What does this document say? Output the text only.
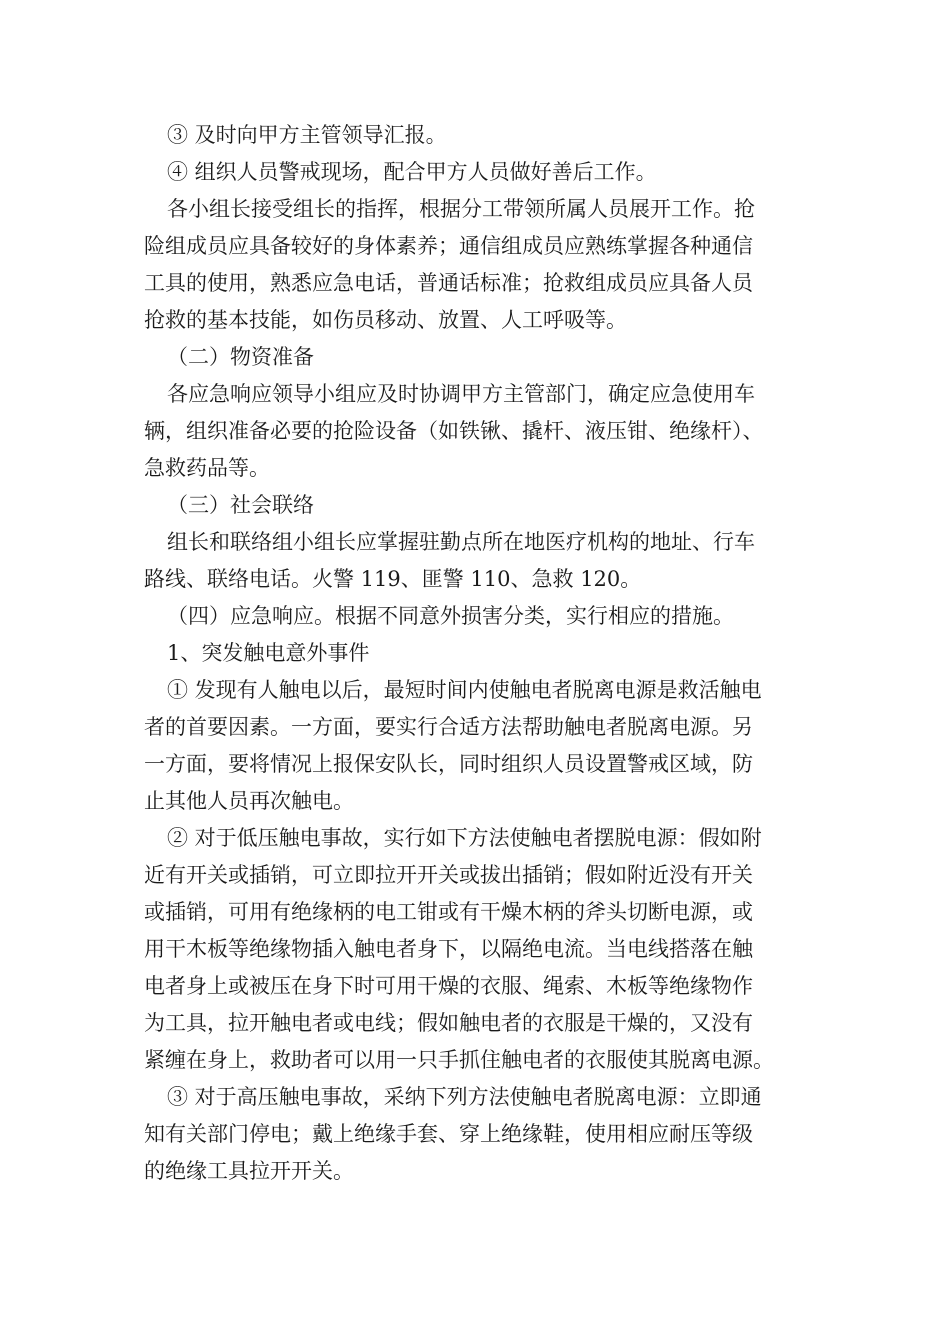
③ 及时向甲方主管领导汇报。

④ 组织人员警戒现场，配合甲方人员做好善后工作。

各小组长接受组长的指挥，根据分工带领所属人员展开工作。抢
险组成员应具备较好的身体素养；通信组成员应熟练掌握各种通信
工具的使用，熟悉应急电话，普通话标准；抢救组成员应具备人员
抢救的基本技能，如伤员移动、放置、人工呼吸等。

（二）物资准备

各应急响应领导小组应及时协调甲方主管部门，确定应急使用车
辆，组织准备必要的抢险设备（如铁锹、撬杆、液压钳、绝缘杆）、
急救药品等。

（三）社会联络

组长和联络组小组长应掌握驻勤点所在地医疗机构的地址、行车
路线、联络电话。火警 119、匪警 110、急救 120。

（四）应急响应。根据不同意外损害分类，实行相应的措施。

1、突发触电意外事件

① 发现有人触电以后，最短时间内使触电者脱离电源是救活触电
者的首要因素。一方面，要实行合适方法帮助触电者脱离电源。另
一方面，要将情况上报保安队长，同时组织人员设置警戒区域，防
止其他人员再次触电。

② 对于低压触电事故，实行如下方法使触电者摆脱电源：假如附
近有开关或插销，可立即拉开开关或拔出插销；假如附近没有开关
或插销，可用有绝缘柄的电工钳或有干燥木柄的斧头切断电源，或
用干木板等绝缘物插入触电者身下，以隔绝电流。当电线搭落在触
电者身上或被压在身下时可用干燥的衣服、绳索、木板等绝缘物作
为工具，拉开触电者或电线；假如触电者的衣服是干燥的，又没有
紧缠在身上，救助者可以用一只手抓住触电者的衣服使其脱离电源。

③ 对于高压触电事故，采纳下列方法使触电者脱离电源：立即通
知有关部门停电；戴上绝缘手套、穿上绝缘鞋，使用相应耐压等级
的绝缘工具拉开开关。
